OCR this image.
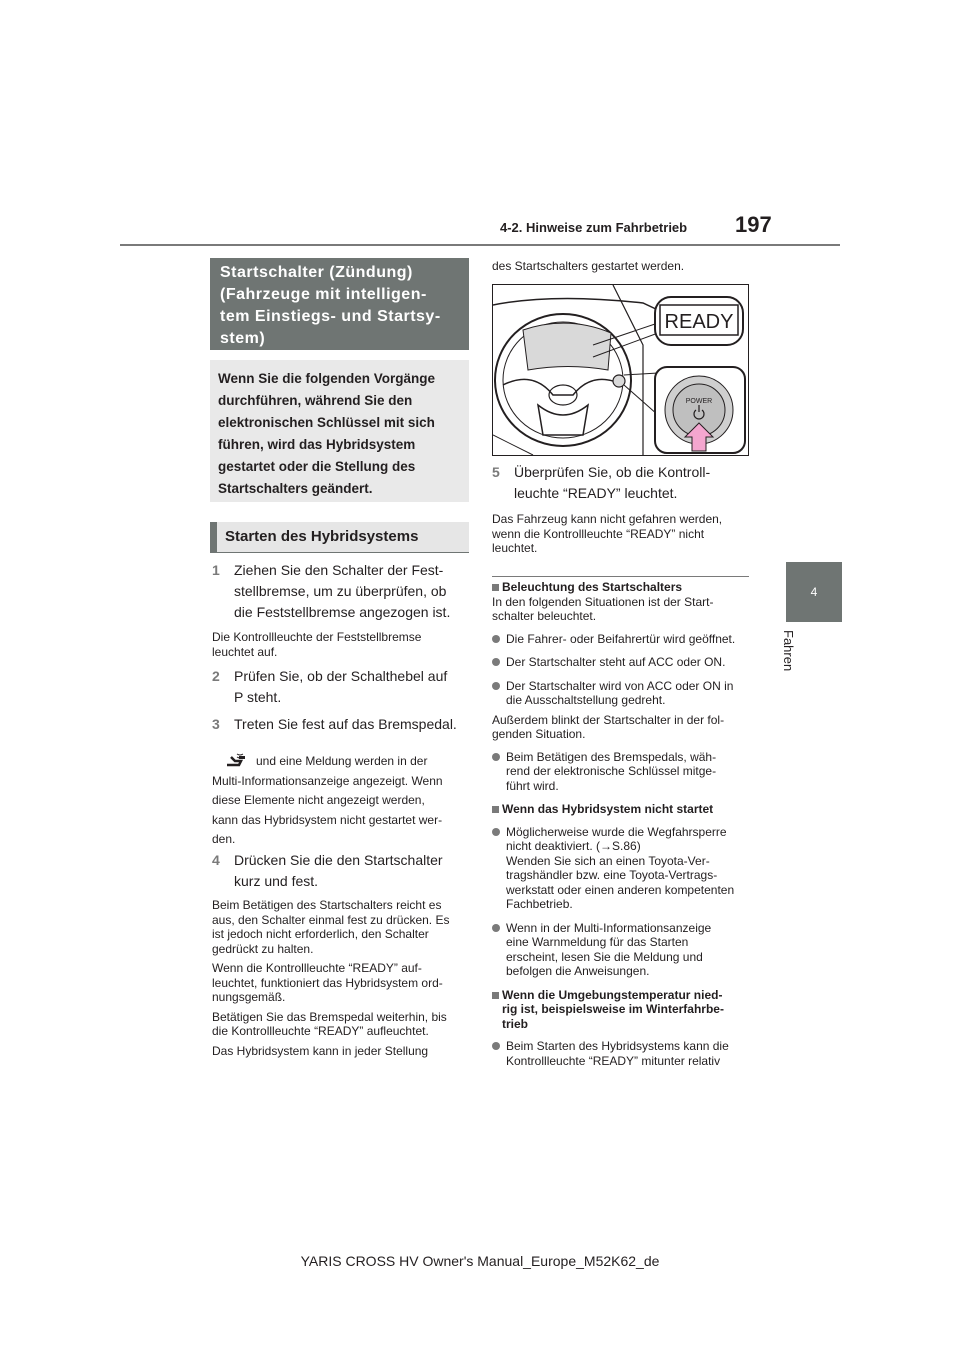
197
4-2. Hinweise zum Fahrbetrieb
4
Fahren
Startschalter (Zündung)
(Fahrzeuge mit intelligen-
tem Einstiegs- und Startsy-
stem)
Wenn Sie die folgenden Vorgänge
durchführen, während Sie den
elektronischen Schlüssel mit sich
führen, wird das Hybridsystem
gestartet oder die Stellung des
Startschalters geändert.
Starten des Hybridsystems
1 Ziehen Sie den Schalter der Fest-
stellbremse, um zu überprüfen, ob
die Feststellbremse angezogen ist.
Die Kontrollleuchte der Feststellbremse
leuchtet auf.
2 Prüfen Sie, ob der Schalthebel auf
P steht.
3 Treten Sie fest auf das Bremspedal.
und eine Meldung werden in der
Multi-Informationsanzeige angezeigt. Wenn
diese Elemente nicht angezeigt werden,
kann das Hybridsystem nicht gestartet wer-
den.
4 Drücken Sie die den Startschalter
kurz und fest.
Beim Betätigen des Startschalters reicht es
aus, den Schalter einmal fest zu drücken. Es
ist jedoch nicht erforderlich, den Schalter
gedrückt zu halten.
Wenn die Kontrollleuchte “READY” auf-
leuchtet, funktioniert das Hybridsystem ord-
nungsgemäß.
Betätigen Sie das Bremspedal weiterhin, bis
die Kontrollleuchte “READY” aufleuchtet.
Das Hybridsystem kann in jeder Stellung
des Startschalters gestartet werden.
READY
POWER
5 Überprüfen Sie, ob die Kontroll-
leuchte “READY” leuchtet.
Das Fahrzeug kann nicht gefahren werden,
wenn die Kontrollleuchte “READY” nicht
leuchtet.
Beleuchtung des Startschalters
In den folgenden Situationen ist der Start-
schalter beleuchtet.
Die Fahrer- oder Beifahrertür wird geöffnet.
Der Startschalter steht auf ACC oder ON.
Der Startschalter wird von ACC oder ON in
die Ausschaltstellung gedreht.
Außerdem blinkt der Startschalter in der fol-
genden Situation.
Beim Betätigen des Bremspedals, wäh-
rend der elektronische Schlüssel mitge-
führt wird.
Wenn das Hybridsystem nicht startet
Möglicherweise wurde die Wegfahrsperre
nicht deaktiviert. (→S.86)
Wenden Sie sich an einen Toyota-Ver-
tragshändler bzw. eine Toyota-Vertrags-
werkstatt oder einen anderen kompetenten
Fachbetrieb.
Wenn in der Multi-Informationsanzeige
eine Warnmeldung für das Starten
erscheint, lesen Sie die Meldung und
befolgen die Anweisungen.
Wenn die Umgebungstemperatur nied-
rig ist, beispielsweise im Winterfahrbe-
trieb
Beim Starten des Hybridsystems kann die
Kontrollleuchte “READY” mitunter relativ
YARIS CROSS HV Owner's Manual_Europe_M52K62_de
